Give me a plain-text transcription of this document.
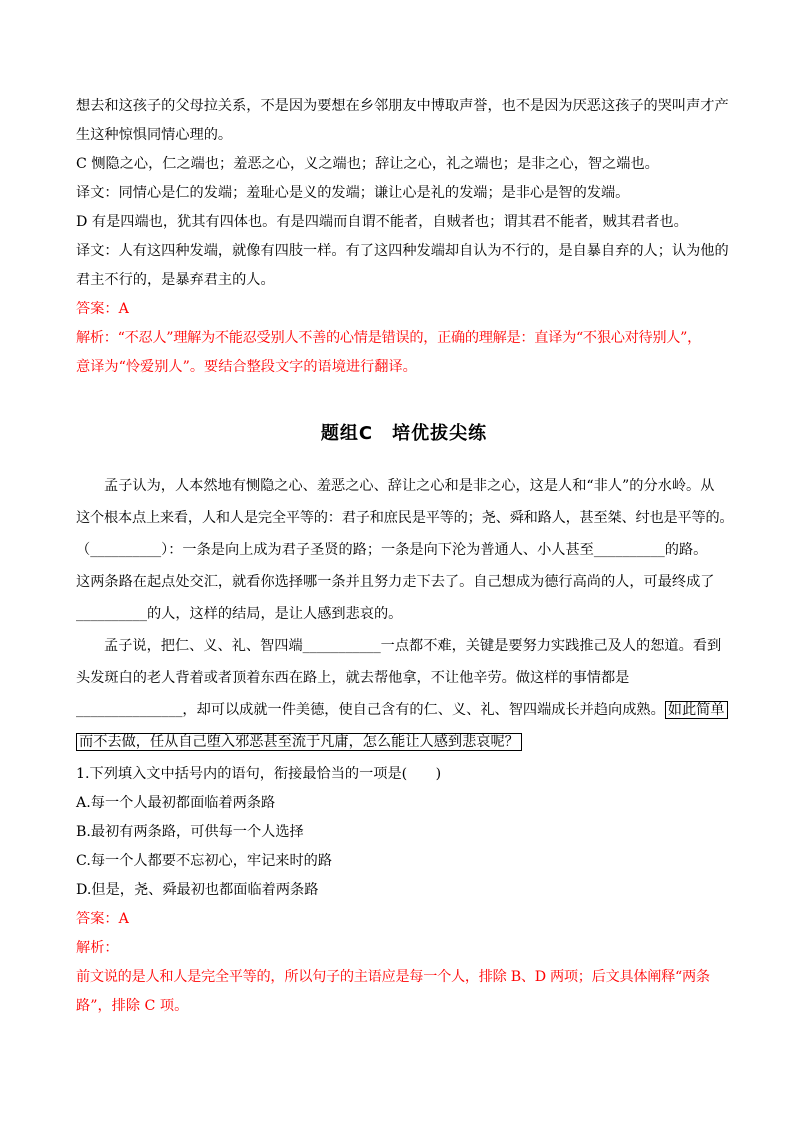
想去和这孩子的父母拉关系，不是因为要想在乡邻朋友中博取声誉，也不是因为厌恶这孩子的哭叫声才产
生这种惊惧同情心理的。
C 恻隐之心，仁之端也；羞恶之心，义之端也；辞让之心，礼之端也；是非之心，智之端也。
译文：同情心是仁的发端；羞耻心是义的发端；谦让心是礼的发端；是非心是智的发端。
D 有是四端也，犹其有四体也。有是四端而自谓不能者，自贼者也；谓其君不能者，贼其君者也。
译文：人有这四种发端，就像有四肢一样。有了这四种发端却自认为不行的，是自暴自弃的人；认为他的
君主不行的，是暴弃君主的人。
答案：A
解析：“不忍人”理解为不能忍受别人不善的心情是错误的，正确的理解是：直译为“不狠心对待别人”，
意译为“怜爱别人”。要结合整段文字的语境进行翻译。
题组C　培优拔尖练
孟子认为，人本然地有恻隐之心、羞恶之心、辞让之心和是非之心，这是人和“非人”的分水岭。从
这个根本点上来看，人和人是完全平等的：君子和庶民是平等的；尧、舜和路人，甚至桀、纣也是平等的。
（__________）：一条是向上成为君子圣贤的路；一条是向下沦为普通人、小人甚至__________的路。
这两条路在起点处交汇，就看你选择哪一条并且努力走下去了。自己想成为德行高尚的人，可最终成了
__________的人，这样的结局，是让人感到悲哀的。
孟子说，把仁、义、礼、智四端___________一点都不难，关键是要努力实践推己及人的恕道。看到
头发斑白的老人背着或者顶着东西在路上，就去帮他拿，不让他辛劳。做这样的事情都是
_______________，却可以成就一件美德，使自己含有的仁、义、礼、智四端成长并趋向成熟。 如此简单
而不去做，任从自己堕入邪恶甚至流于凡庸，怎么能让人感到悲哀呢？
1.下列填入文中括号内的语句，衔接最恰当的一项是(　　)
A.每一个人最初都面临着两条路
B.最初有两条路，可供每一个人选择
C.每一个人都要不忘初心，牢记来时的路
D.但是，尧、舜最初也都面临着两条路
答案：A
解析：
前文说的是人和人是完全平等的，所以句子的主语应是每一个人，排除 B、D 两项；后文具体阐释“两条
路”，排除 C 项。
